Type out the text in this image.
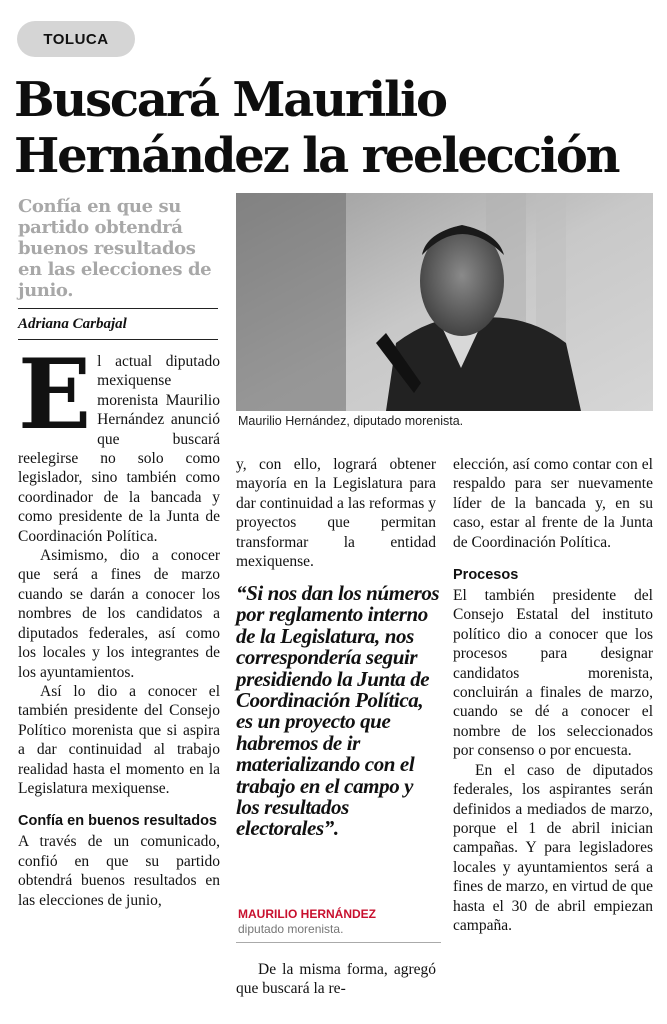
TOLUCA
Buscará Maurilio Hernández la reelección

Confía en que su partido obtendrá buenos resultados en las elecciones de junio.

Adriana Carbajal
Maurilio Hernández, diputado morenista.
E l actual diputado mexiquense morenista Maurilio Hernández anunció que buscará reelegirse no solo como legislador, sino también como coordinador de la bancada y como presidente de la Junta de Coordinación Política.

Asimismo, dio a conocer que será a fines de marzo cuando se darán a conocer los nombres de los candidatos a diputados federales, así como los locales y los integrantes de los ayuntamientos.

Así lo dio a conocer el también presidente del Consejo Político morenista que si aspira a dar continuidad al trabajo realidad hasta el momento en la Legislatura mexiquense.

Confía en buenos resultados

A través de un comunicado, confió en que su partido obtendrá buenos resultados en las elecciones de junio,

y, con ello, logrará obtener mayoría en la Legislatura para dar continuidad a las reformas y proyectos que permitan transformar la entidad mexiquense.

“Si nos dan los números por reglamento interno de la Legislatura, nos correspondería seguir presidiendo la Junta de Coordinación Política, es un proyecto que habremos de ir materializando con el trabajo en el campo y los resultados electorales”.

MAURILIO HERNÁNDEZ
diputado morenista.

De la misma forma, agregó que buscará la re-

elección, así como contar con el respaldo para ser nuevamente líder de la bancada y, en su caso, estar al frente de la Junta de Coordinación Política.

Procesos

El también presidente del Consejo Estatal del instituto político dio a conocer que los procesos para designar candidatos morenista, concluirán a finales de marzo, cuando se dé a conocer el nombre de los seleccionados por consenso o por encuesta.

En el caso de diputados federales, los aspirantes serán definidos a mediados de marzo, porque el 1 de abril inician campañas. Y para legisladores locales y ayuntamientos será a fines de marzo, en virtud de que hasta el 30 de abril empiezan campaña.
